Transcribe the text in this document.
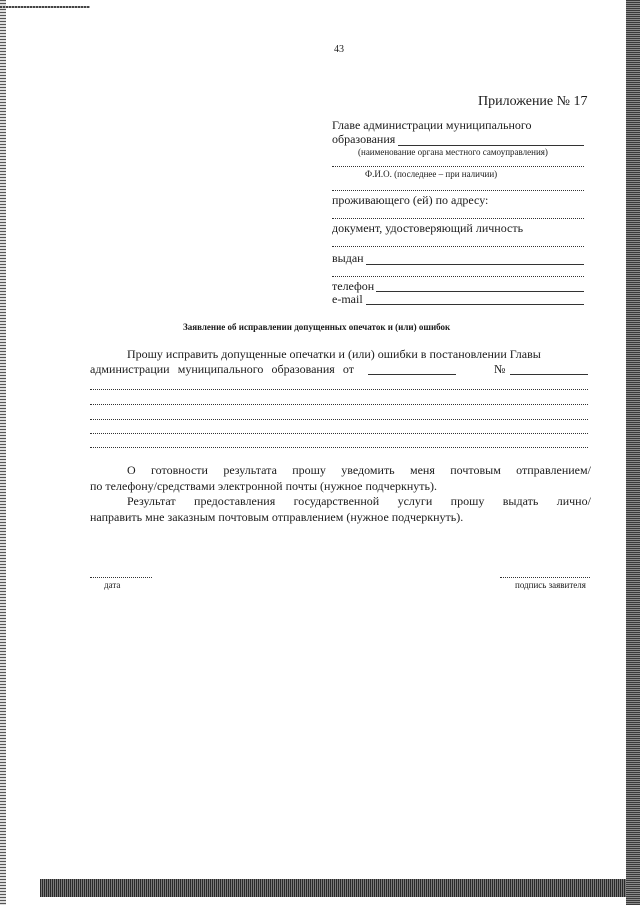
43
Приложение № 17
Главе администрации муниципального
образования
(наименование органа местного самоуправления)
Ф.И.О. (последнее – при наличии)
проживающего (ей) по адресу:
документ, удостоверяющий личность
выдан
телефон
e-mail
Заявление об исправлении допущенных опечаток и (или) ошибок
Прошу исправить допущенные опечатки и (или) ошибки в постановлении Главы
администрации муниципального образования от	№
О готовности результата прошу уведомить меня почтовым отправлением/
по телефону/средствами электронной почты (нужное подчеркнуть).
Результат предоставления государственной услуги прошу выдать лично/
направить мне заказным почтовым отправлением (нужное подчеркнуть).
дата	подпись заявителя
